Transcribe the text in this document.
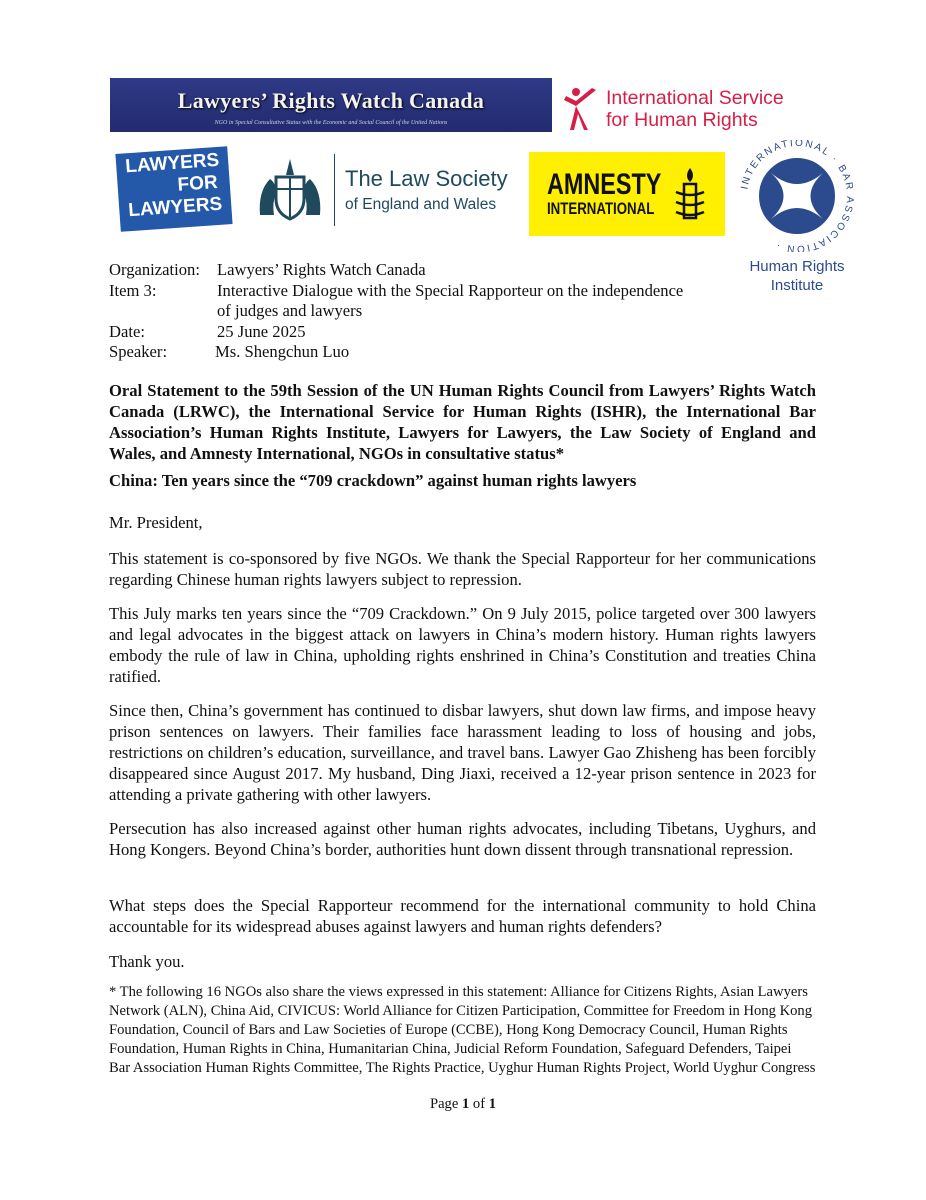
Lawyers’ Rights Watch Canada
NGO in Special Consultative Status with the Economic and Social Council of the United Nations
International Service
for Human Rights
LAWYERS
FOR
LAWYERS
The Law Society
of England and Wales
AMNESTY
INTERNATIONAL
INTERNATIONAL · BAR ASSOCIATION ·
Human Rights
Institute
Organization:	Lawyers’ Rights Watch Canada
Item 3:	Interactive Dialogue with the Special Rapporteur on the independence
of judges and lawyers
Date:	25 June 2025
Speaker:	Ms. Shengchun Luo
Oral Statement to the 59th Session of the UN Human Rights Council from Lawyers’ Rights Watch Canada (LRWC), the International Service for Human Rights (ISHR), the International Bar Association’s Human Rights Institute, Lawyers for Lawyers, the Law Society of England and Wales, and Amnesty International, NGOs in consultative status*
China: Ten years since the “709 crackdown” against human rights lawyers
Mr. President,
This statement is co-sponsored by five NGOs. We thank the Special Rapporteur for her communications regarding Chinese human rights lawyers subject to repression.
This July marks ten years since the “709 Crackdown.” On 9 July 2015, police targeted over 300 lawyers and legal advocates in the biggest attack on lawyers in China’s modern history. Human rights lawyers embody the rule of law in China, upholding rights enshrined in China’s Constitution and treaties China ratified.
Since then, China’s government has continued to disbar lawyers, shut down law firms, and impose heavy prison sentences on lawyers. Their families face harassment leading to loss of housing and jobs, restrictions on children’s education, surveillance, and travel bans. Lawyer Gao Zhisheng has been forcibly disappeared since August 2017. My husband, Ding Jiaxi, received a 12-year prison sentence in 2023 for attending a private gathering with other lawyers.
Persecution has also increased against other human rights advocates, including Tibetans, Uyghurs, and Hong Kongers. Beyond China’s border, authorities hunt down dissent through transnational repression.
What steps does the Special Rapporteur recommend for the international community to hold China accountable for its widespread abuses against lawyers and human rights defenders?
Thank you.
* The following 16 NGOs also share the views expressed in this statement: Alliance for Citizens Rights, Asian Lawyers Network (ALN), China Aid, CIVICUS: World Alliance for Citizen Participation, Committee for Freedom in Hong Kong Foundation, Council of Bars and Law Societies of Europe (CCBE), Hong Kong Democracy Council, Human Rights Foundation, Human Rights in China, Humanitarian China, Judicial Reform Foundation, Safeguard Defenders, Taipei Bar Association Human Rights Committee, The Rights Practice, Uyghur Human Rights Project, World Uyghur Congress
Page 1 of 1
